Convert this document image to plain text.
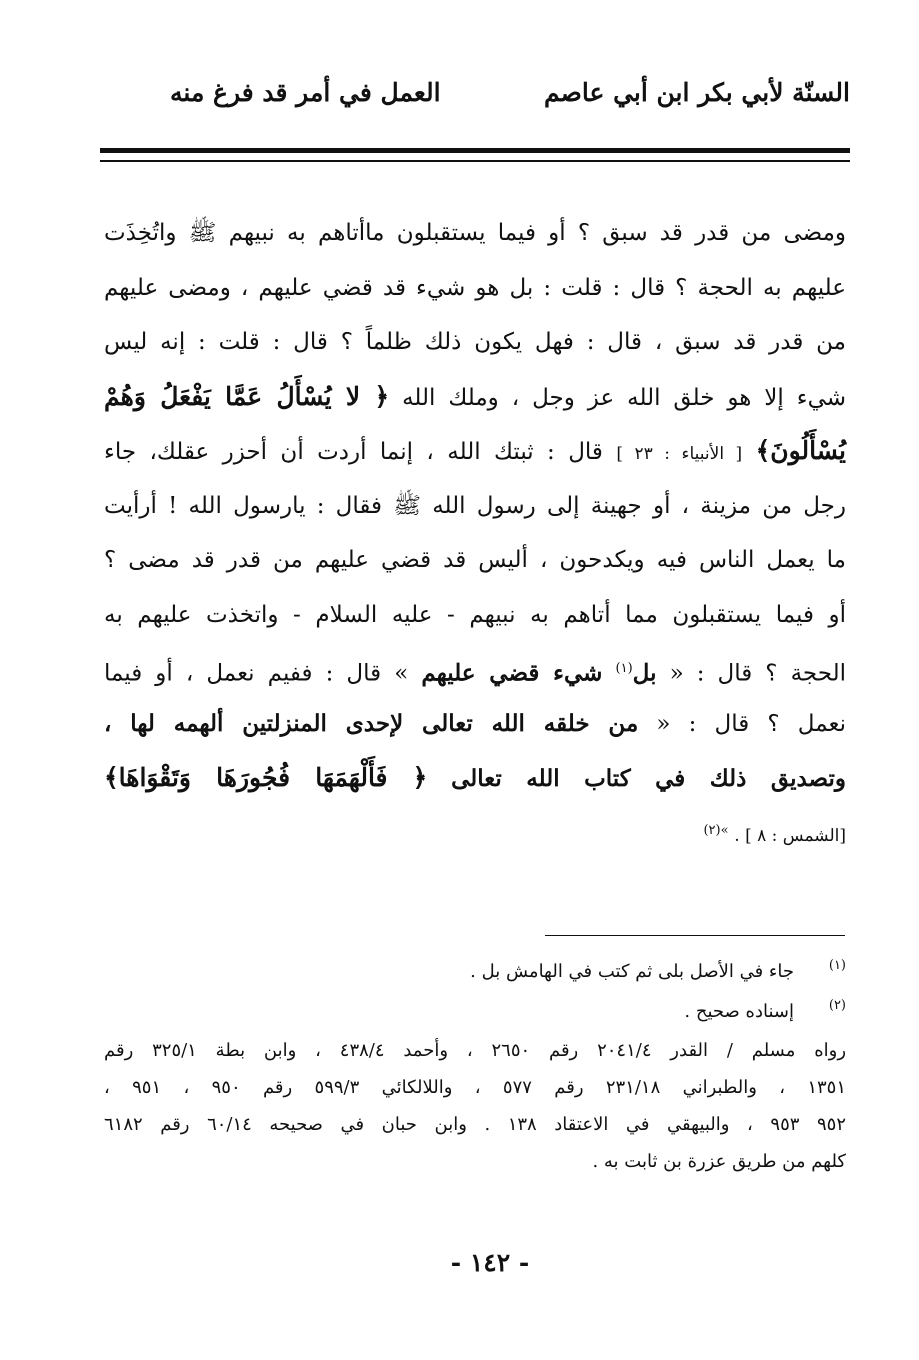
السنّة لأبي بكر ابن أبي عاصم
العمل في أمر قد فرغ منه
ومضى من قدر قد سبق ؟ أو فيما يستقبلون ماأتاهم به نبيهم ﷺ واتُخِذَت
عليهم به الحجة ؟ قال : قلت : بل هو شيء قد قضي عليهم ، ومضى عليهم
من قدر قد سبق ، قال : فهل يكون ذلك ظلماً ؟ قال : قلت : إنه ليس
شيء إلا هو خلق الله عز وجل ، وملك الله ﴿ لا يُسْأَلُ عَمَّا يَفْعَلُ وَهُمْ
يُسْأَلُونَ﴾ [ الأنبياء : ٢٣ ] قال : ثبتك الله ، إنما أردت أن أحزر عقلك، جاء
رجل من مزينة ، أو جهينة إلى رسول الله ﷺ فقال : يارسول الله ! أرأيت
ما يعمل الناس فيه ويكدحون ، أليس قد قضي عليهم من قدر قد مضى ؟
أو فيما يستقبلون مما أتاهم به نبيهم - عليه السلام - واتخذت عليهم به
الحجة ؟ قال : « بل$^{(١)}$ شيء قضي عليهم » قال : ففيم نعمل ، أو فيما
نعمل ؟ قال : « من خلقه الله تعالى لإحدى المنزلتين ألهمه لها ،
وتصديق ذلك في كتاب الله تعالى ﴿ فَأَلْهَمَهَا فُجُورَهَا وَتَقْوَاهَا﴾
[الشمس : ٨ ] . $^{»(٢)}$
(١)
جاء في الأصل بلى ثم كتب في الهامش بل .
(٢)
إسناده صحيح .
رواه مسلم / القدر ٢٠٤١/٤ رقم ٢٦٥٠ ، وأحمد ٤٣٨/٤ ، وابن بطة ٣٢٥/١ رقم
١٣٥١ ، والطبراني ٢٣١/١٨ رقم ٥٧٧ ، واللالكائي ٥٩٩/٣ رقم ٩٥٠ ، ٩٥١ ،
٩٥٢ ٩٥٣ ، والبيهقي في الاعتقاد ١٣٨ . وابن حبان في صحيحه ٦٠/١٤ رقم ٦١٨٢
كلهم من طريق عزرة بن ثابت به .
- ١٤٢ -
